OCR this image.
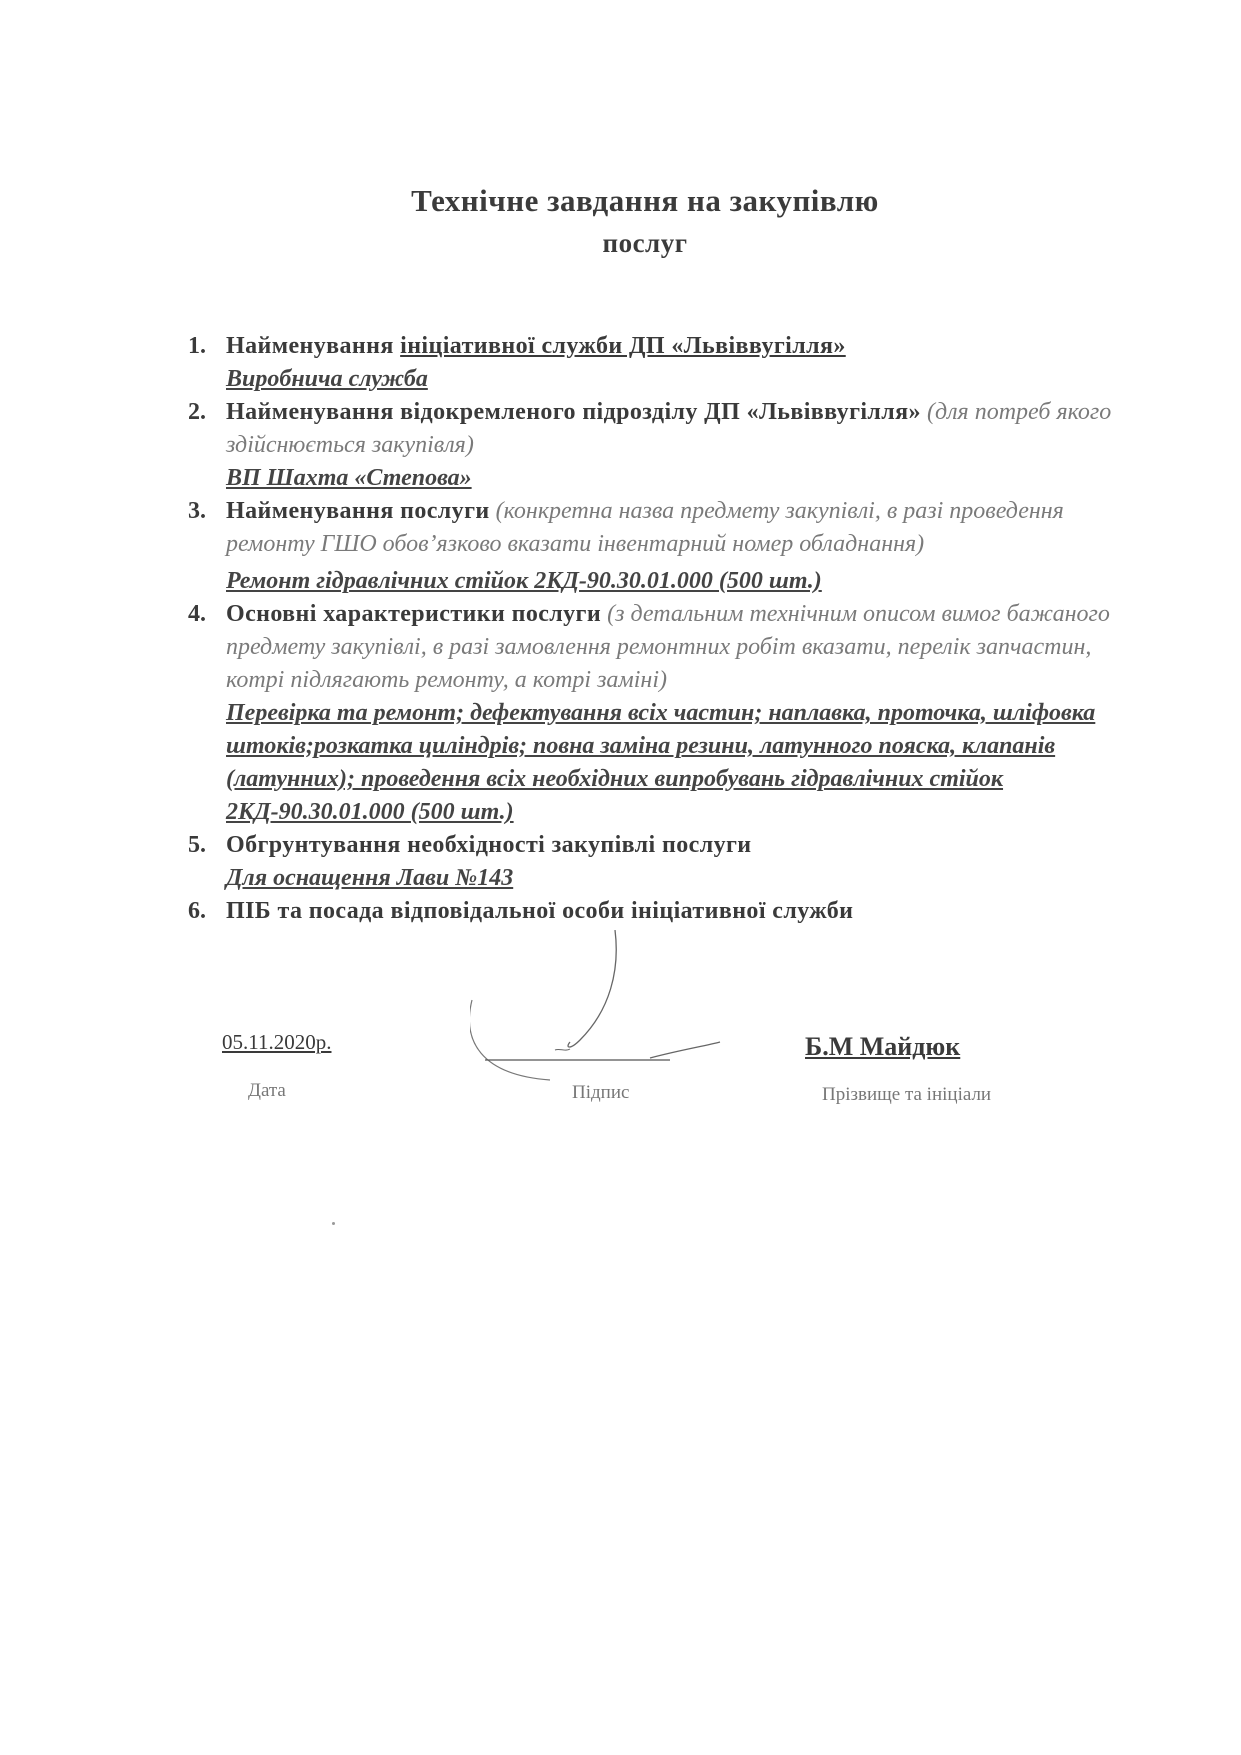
Технічне завдання на закупівлю
послуг
1. Найменування ініціативної служби ДП «Львіввугілля»
Виробнича служба
2. Найменування відокремленого підрозділу ДП «Львіввугілля» (для потреб якого здійснюється закупівля)
ВП Шахта «Степова»
3. Найменування послуги (конкретна назва предмету закупівлі, в разі проведення ремонту ГШО обов’язково вказати інвентарний номер обладнання)
Ремонт гідравлічних стійок 2КД-90.30.01.000 (500 шт.)
4. Основні характеристики послуги (з детальним технічним описом вимог бажаного предмету закупівлі, в разі замовлення ремонтних робіт вказати, перелік запчастин, котрі підлягають ремонту, а котрі заміні)
Перевірка та ремонт; дефектування всіх частин; наплавка, проточка, шліфовка штоків;розкатка циліндрів; повна заміна резини, латунного пояска, клапанів (латунних); проведення всіх необхідних випробувань гідравлічних стійок 2КД-90.30.01.000 (500 шт.)
5. Обгрунтування необхідності закупівлі послуги
Для оснащення Лави №143
6. ПІБ та посада відповідальної особи ініціативної служби
05.11.2020р.
Дата	Підпис
Б.М Майдюк
Прізвище та ініціали
